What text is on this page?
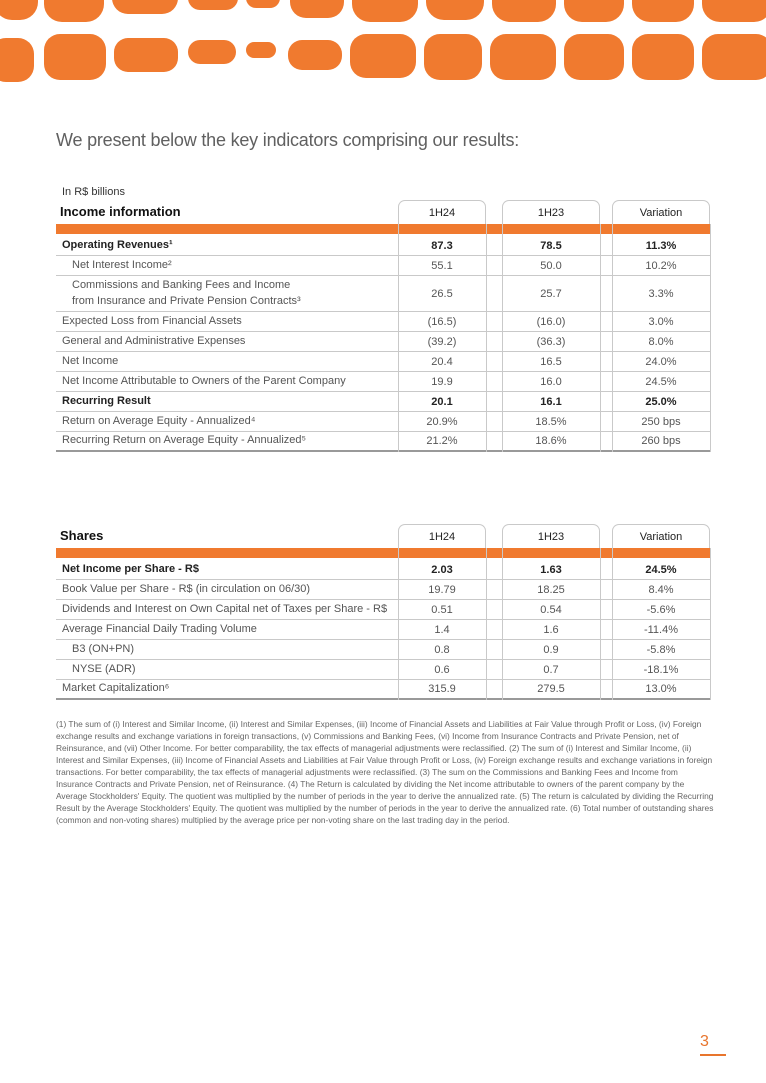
We present below the key indicators comprising our results:
In R$ billions
Income information	1H24	1H23	Variation
Operating Revenues¹	87.3	78.5	11.3%
Net Interest Income²	55.1	50.0	10.2%
Commissions and Banking Fees and Income
from Insurance and Private Pension Contracts³
26.5	25.7	3.3%
Expected Loss from Financial Assets	(16.5)	(16.0)	3.0%
General and Administrative Expenses	(39.2)	(36.3)	8.0%
Net Income	20.4	16.5	24.0%
Net Income Attributable to Owners of the Parent Company	19.9	16.0	24.5%
Recurring Result	20.1	16.1	25.0%
Return on Average Equity - Annualized⁴	20.9%	18.5%	250 bps
Recurring Return on Average Equity - Annualized⁵	21.2%	18.6%	260 bps
Shares	1H24	1H23	Variation
Net Income per Share - R$	2.03	1.63	24.5%
Book Value per Share - R$ (in circulation on 06/30)	19.79	18.25	8.4%
Dividends and Interest on Own Capital net of Taxes per Share - R$	0.51	0.54	-5.6%
Average Financial Daily Trading Volume	1.4	1.6	-11.4%
B3 (ON+PN)	0.8	0.9	-5.8%
NYSE (ADR)	0.6	0.7	-18.1%
Market Capitalization⁶	315.9	279.5	13.0%
(1) The sum of (i) Interest and Similar Income, (ii) Interest and Similar Expenses, (iii) Income of Financial Assets and Liabilities at Fair Value through Profit or Loss, (iv) Foreign exchange results and exchange variations in foreign transactions, (v) Commissions and Banking Fees, (vi) Income from Insurance Contracts and Private Pension, net of Reinsurance, and (vii) Other Income. For better comparability, the tax effects of managerial adjustments were reclassified. (2) The sum of (i) Interest and Similar Income, (ii) Interest and Similar Expenses, (iii) Income of Financial Assets and Liabilities at Fair Value through Profit or Loss, (iv) Foreign exchange results and exchange variations in foreign transactions. For better comparability, the tax effects of managerial adjustments were reclassified. (3) The sum on the Commissions and Banking Fees and Income from Insurance Contracts and Private Pension, net of Reinsurance. (4) The Return is calculated by dividing the Net income attributable to owners of the parent company by the Average Stockholders' Equity. The quotient was multiplied by the number of periods in the year to derive the annualized rate. (5) The return is calculated by dividing the Recurring Result by the Average Stockholders' Equity. The quotient was multiplied by the number of periods in the year to derive the annualized rate. (6) Total number of outstanding shares (common and non-voting shares) multiplied by the average price per non-voting share on the last trading day in the period.
3
